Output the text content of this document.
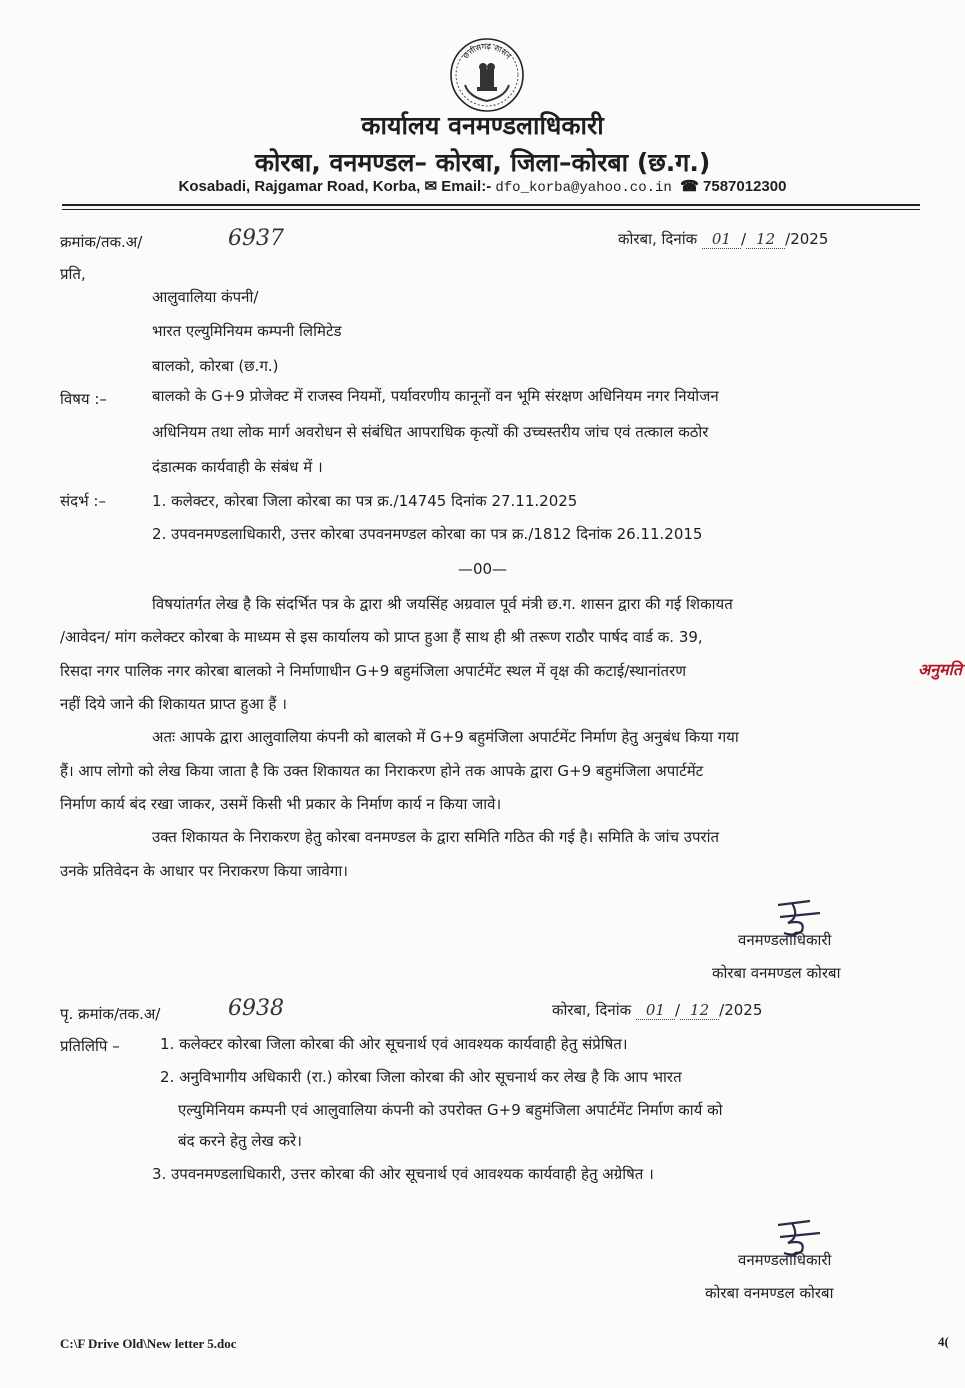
छत्तीसगढ़ शासन
कार्यालय वनमण्डलाधिकारी
कोरबा, वनमण्डल– कोरबा, जिला–कोरबा (छ.ग.)
Kosabadi, Rajgamar Road, Korba, ✉ Email:- dfo_korba@yahoo.co.in ☎ 7587012300
क्रमांक/तक.अ/	6937	कोरबा, दिनांक 01 / 12 /2025
प्रति,
आलुवालिया कंपनी/
भारत एल्युमिनियम कम्पनी लिमिटेड
बालको, कोरबा (छ.ग.)
विषय :–	बालको के G+9 प्रोजेक्ट में राजस्व नियमों, पर्यावरणीय कानूनों वन भूमि संरक्षण अधिनियम नगर नियोजन
अधिनियम तथा लोक मार्ग अवरोधन से संबंधित आपराधिक कृत्यों की उच्चस्तरीय जांच एवं तत्काल कठोर
दंडात्मक कार्यवाही के संबंध में ।
संदर्भ :–	1. कलेक्टर, कोरबा जिला कोरबा का पत्र क्र./14745 दिनांक 27.11.2025
2. उपवनमण्डलाधिकारी, उत्तर कोरबा उपवनमण्डल कोरबा का पत्र क्र./1812 दिनांक 26.11.2015
—00—
विषयांतर्गत लेख है कि संदर्भित पत्र के द्वारा श्री जयसिंह अग्रवाल पूर्व मंत्री छ.ग. शासन द्वारा की गई शिकायत
/आवेदन/ मांग कलेक्टर कोरबा के माध्यम से इस कार्यालय को प्राप्त हुआ हैं साथ ही श्री तरूण राठौर पार्षद वार्ड क. 39,
रिसदा नगर पालिक नगर कोरबा बालको ने निर्माणाधीन G+9 बहुमंजिला अपार्टमेंट स्थल में वृक्ष की कटाई/स्थानांतरण	अनुमति
नहीं दिये जाने की शिकायत प्राप्त हुआ हैं ।
अतः आपके द्वारा आलुवालिया कंपनी को बालको में G+9 बहुमंजिला अपार्टमेंट निर्माण हेतु अनुबंध किया गया
हैं। आप लोगो को लेख किया जाता है कि उक्त शिकायत का निराकरण होने तक आपके द्वारा G+9 बहुमंजिला अपार्टमेंट
निर्माण कार्य बंद रखा जाकर, उसमें किसी भी प्रकार के निर्माण कार्य न किया जावे।
उक्त शिकायत के निराकरण हेतु कोरबा वनमण्डल के द्वारा समिति गठित की गई है। समिति के जांच उपरांत
उनके प्रतिवेदन के आधार पर निराकरण किया जावेगा।
वनमण्डलाधिकारी
कोरबा वनमण्डल कोरबा
पृ. क्रमांक/तक.अ/	6938	कोरबा, दिनांक 01 / 12 /2025
प्रतिलिपि –	1. कलेक्टर कोरबा जिला कोरबा की ओर सूचनार्थ एवं आवश्यक कार्यवाही हेतु संप्रेषित।
2. अनुविभागीय अधिकारी (रा.) कोरबा जिला कोरबा की ओर सूचनार्थ कर लेख है कि आप भारत
एल्युमिनियम कम्पनी एवं आलुवालिया कंपनी को उपरोक्त G+9 बहुमंजिला अपार्टमेंट निर्माण कार्य को
बंद करने हेतु लेख करे।
3. उपवनमण्डलाधिकारी, उत्तर कोरबा की ओर सूचनार्थ एवं आवश्यक कार्यवाही हेतु अग्रेषित ।
वनमण्डलाधिकारी
कोरबा वनमण्डल कोरबा
C:\F Drive Old\New letter 5.doc	4(
